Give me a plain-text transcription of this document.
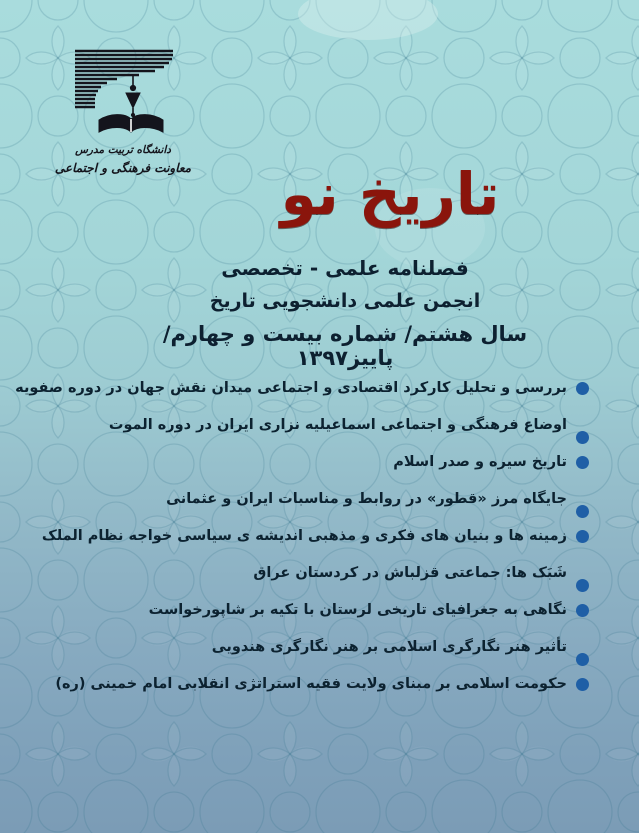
دانشگاه تربیت مدرس
معاونت فرهنگی و اجتماعی	تاریخ نو
فصلنامه علمی - تخصصی
انجمن علمی دانشجویی تاریخ
سال هشتم/ شماره بیست و چهارم/ پاییز۱۳۹۷
بررسی و تحلیل کارکرد اقتصادی و اجتماعی میدان نقش جهان در دوره صفویه
اوضاع فرهنگی و اجتماعی اسماعیلیه نزاری ایران در دوره الموت
تاریخ سیره و صدر اسلام
جایگاه مرز «قطور» در روابط و مناسبات ایران و عثمانی
زمینه ها و بنیان های فکری و مذهبی اندیشه ی سیاسی خواجه نظام الملک
شَبَک ها: جماعتی قزلباش در کردستان عراق
نگاهی به جغرافیای تاریخی لرستان با تکیه بر شاپورخواست
تأثیر هنر نگارگری اسلامی بر هنر نگارگری هندویی
حکومت اسلامی بر مبنای ولایت فقیه استراتژی انقلابی امام خمینی (ره)
